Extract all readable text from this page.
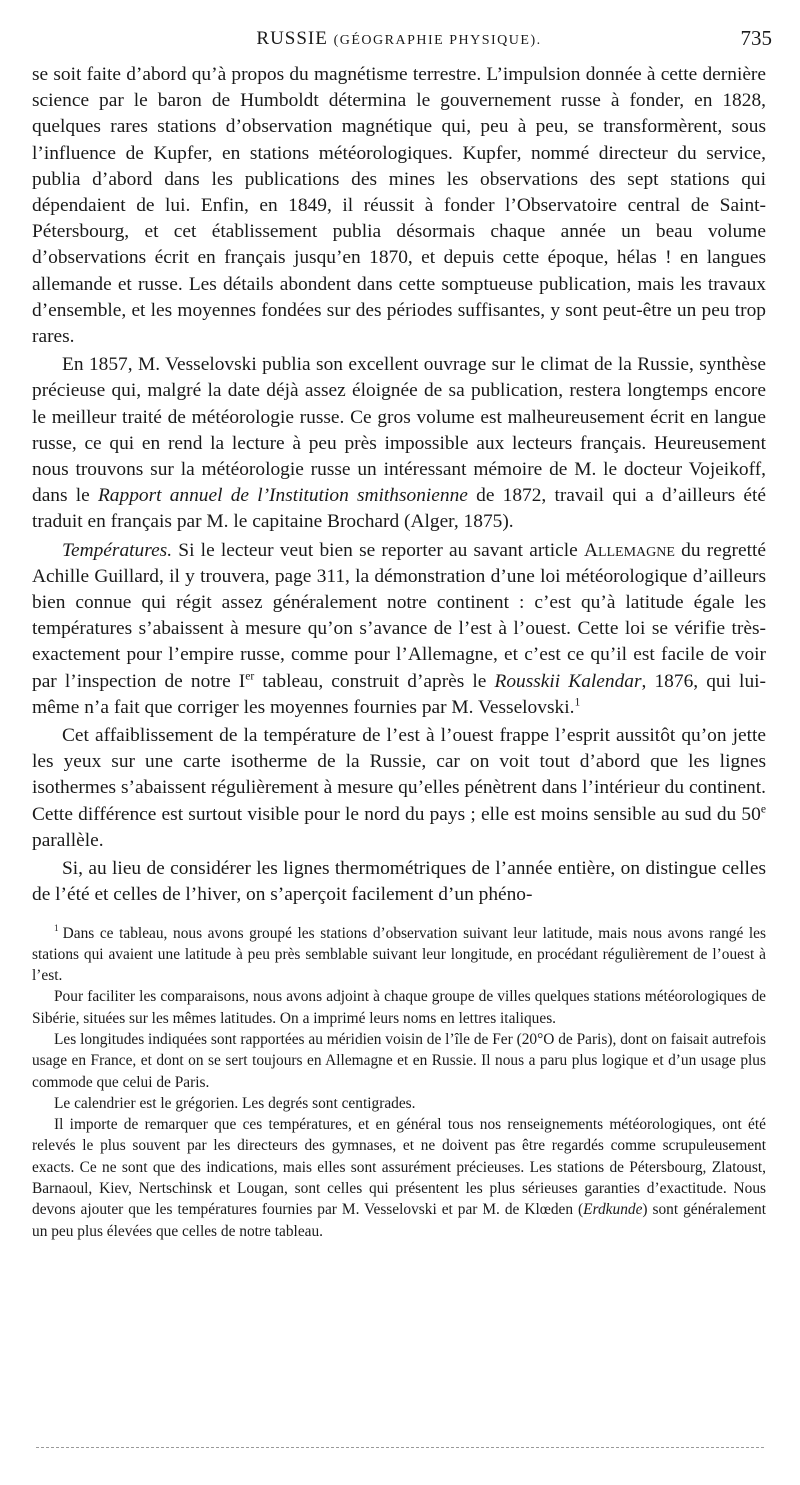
RUSSIE (GÉOGRAPHIE PHYSIQUE).	735

se soit faite d’abord qu’à propos du magnétisme terrestre. L’impulsion donnée à cette dernière science par le baron de Humboldt détermina le gouvernement russe à fonder, en 1828, quelques rares stations d’observation magnétique qui, peu à peu, se transformèrent, sous l’influence de Kupfer, en stations météorologiques. Kupfer, nommé directeur du service, publia d’abord dans les publications des mines les observations des sept stations qui dépendaient de lui. Enfin, en 1849, il réussit à fonder l’Observatoire central de Saint-Pétersbourg, et cet établissement publia désormais chaque année un beau volume d’observations écrit en français jusqu’en 1870, et depuis cette époque, hélas ! en langues allemande et russe. Les détails abondent dans cette somptueuse publication, mais les travaux d’ensemble, et les moyennes fondées sur des périodes suffisantes, y sont peut-être un peu trop rares.

En 1857, M. Vesselovski publia son excellent ouvrage sur le climat de la Russie, synthèse précieuse qui, malgré la date déjà assez éloignée de sa publication, restera longtemps encore le meilleur traité de météorologie russe. Ce gros volume est malheureusement écrit en langue russe, ce qui en rend la lecture à peu près impossible aux lecteurs français. Heureusement nous trouvons sur la météorologie russe un intéressant mémoire de M. le docteur Vojeikoff, dans le Rapport annuel de l’Institution smithsonienne de 1872, travail qui a d’ailleurs été traduit en français par M. le capitaine Brochard (Alger, 1875).

Températures. Si le lecteur veut bien se reporter au savant article Allemagne du regretté Achille Guillard, il y trouvera, page 311, la démonstration d’une loi météorologique d’ailleurs bien connue qui régit assez généralement notre continent : c’est qu’à latitude égale les températures s’abaissent à mesure qu’on s’avance de l’est à l’ouest. Cette loi se vérifie très-exactement pour l’empire russe, comme pour l’Allemagne, et c’est ce qu’il est facile de voir par l’inspection de notre Ier tableau, construit d’après le Rousskii Kalendar, 1876, qui lui-même n’a fait que corriger les moyennes fournies par M. Vesselovski.$^1$

Cet affaiblissement de la température de l’est à l’ouest frappe l’esprit aussitôt qu’on jette les yeux sur une carte isotherme de la Russie, car on voit tout d’abord que les lignes isothermes s’abaissent régulièrement à mesure qu’elles pénètrent dans l’intérieur du continent. Cette différence est surtout visible pour le nord du pays ; elle est moins sensible au sud du 50e parallèle.

Si, au lieu de considérer les lignes thermométriques de l’année entière, on distingue celles de l’été et celles de l’hiver, on s’aperçoit facilement d’un phéno-

$^1$ Dans ce tableau, nous avons groupé les stations d’observation suivant leur latitude, mais nous avons rangé les stations qui avaient une latitude à peu près semblable suivant leur longitude, en procédant régulièrement de l’ouest à l’est.

Pour faciliter les comparaisons, nous avons adjoint à chaque groupe de villes quelques stations météorologiques de Sibérie, situées sur les mêmes latitudes. On a imprimé leurs noms en lettres italiques.

Les longitudes indiquées sont rapportées au méridien voisin de l’île de Fer (20°O de Paris), dont on faisait autrefois usage en France, et dont on se sert toujours en Allemagne et en Russie. Il nous a paru plus logique et d’un usage plus commode que celui de Paris.

Le calendrier est le grégorien. Les degrés sont centigrades.

Il importe de remarquer que ces températures, et en général tous nos renseignements météorologiques, ont été relevés le plus souvent par les directeurs des gymnases, et ne doivent pas être regardés comme scrupuleusement exacts. Ce ne sont que des indications, mais elles sont assurément précieuses. Les stations de Pétersbourg, Zlatoust, Barnaoul, Kiev, Nertschinsk et Lougan, sont celles qui présentent les plus sérieuses garanties d’exactitude. Nous devons ajouter que les températures fournies par M. Vesselovski et par M. de Klœden (Erdkunde) sont généralement un peu plus élevées que celles de notre tableau.
